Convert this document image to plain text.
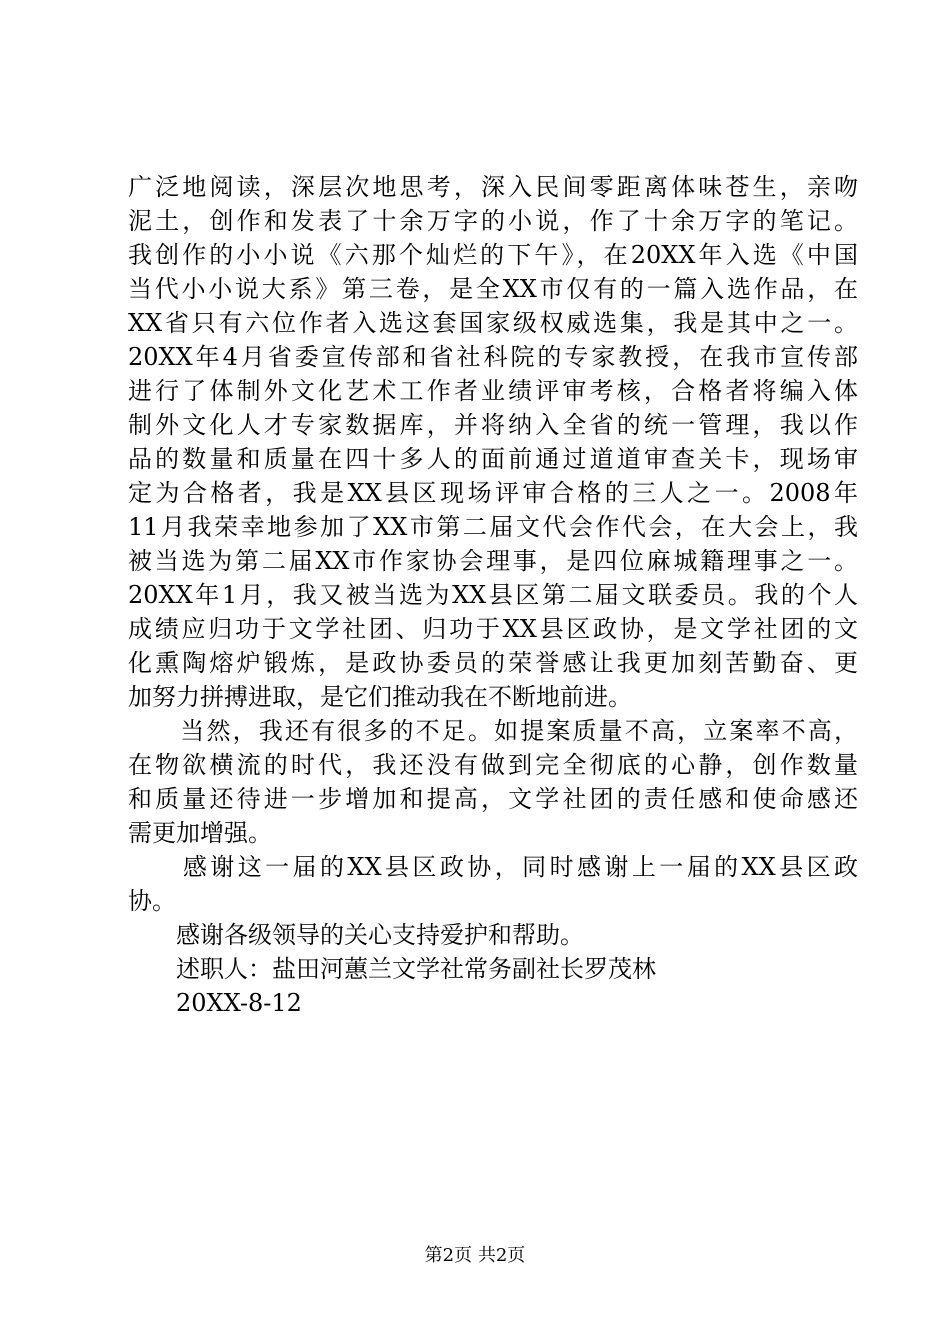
广泛地阅读，深层次地思考，深入民间零距离体味苍生，亲吻
泥土，创作和发表了十余万字的小说，作了十余万字的笔记。
我创作的小小说《六那个灿烂的下午》，在20XX年入选《中国
当代小小说大系》第三卷，是全XX市仅有的一篇入选作品，在
XX省只有六位作者入选这套国家级权威选集，我是其中之一。
20XX年4月省委宣传部和省社科院的专家教授，在我市宣传部
进行了体制外文化艺术工作者业绩评审考核，合格者将编入体
制外文化人才专家数据库，并将纳入全省的统一管理，我以作
品的数量和质量在四十多人的面前通过道道审查关卡，现场审
定为合格者，我是XX县区现场评审合格的三人之一。2008年
11月我荣幸地参加了XX市第二届文代会作代会，在大会上，我
被当选为第二届XX市作家协会理事，是四位麻城籍理事之一。
20XX年1月，我又被当选为XX县区第二届文联委员。我的个人
成绩应归功于文学社团、归功于XX县区政协，是文学社团的文
化熏陶熔炉锻炼，是政协委员的荣誉感让我更加刻苦勤奋、更
加努力拼搏进取，是它们推动我在不断地前进。
　　当然，我还有很多的不足。如提案质量不高，立案率不高，
在物欲横流的时代，我还没有做到完全彻底的心静，创作数量
和质量还待进一步增加和提高，文学社团的责任感和使命感还
需更加增强。
　　感谢这一届的XX县区政协，同时感谢上一届的XX县区政
协。
　　感谢各级领导的关心支持爱护和帮助。
　　述职人：盐田河蕙兰文学社常务副社长罗茂林
　　20XX-8-12
第2页 共2页
